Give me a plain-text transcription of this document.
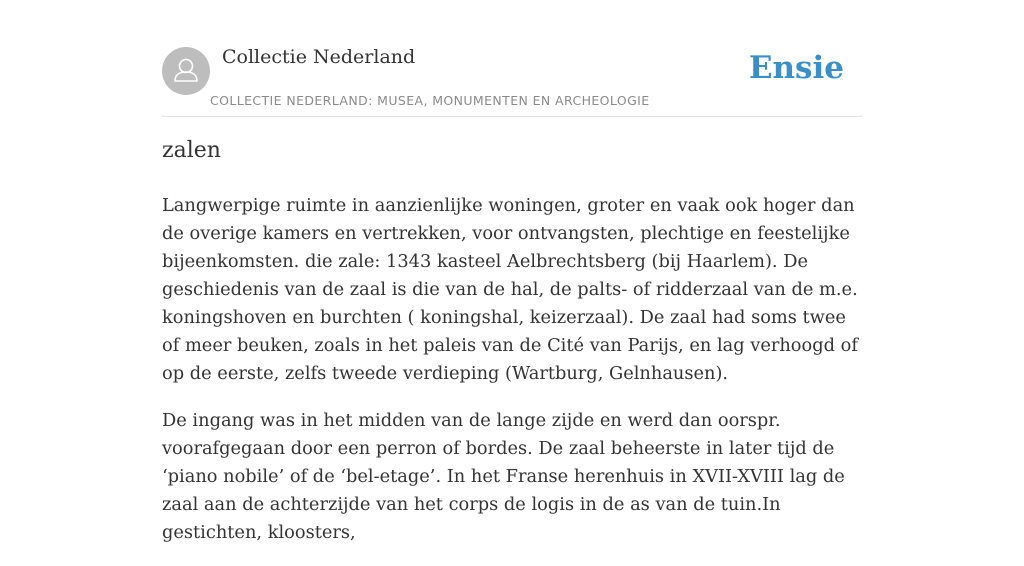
Collectie Nederland
COLLECTIE NEDERLAND: MUSEA, MONUMENTEN EN ARCHEOLOGIE
Ensie
zalen

Langwerpige ruimte in aanzienlijke woningen, groter en vaak ook hoger dan de overige kamers en vertrekken, voor ontvangsten, plechtige en feestelijke bijeenkomsten. die zale: 1343 kasteel Aelbrechtsberg (bij Haarlem). De geschiedenis van de zaal is die van de hal, de palts- of ridderzaal van de m.e. koningshoven en burchten ( koningshal, keizerzaal). De zaal had soms twee of meer beuken, zoals in het paleis van de Cité van Parijs, en lag verhoogd of op de eerste, zelfs tweede verdieping (Wartburg, Gelnhausen).

De ingang was in het midden van de lange zijde en werd dan oorspr. voorafgegaan door een perron of bordes. De zaal beheerste in later tijd de ‘piano nobile’ of de ‘bel-etage’. In het Franse herenhuis in XVII-XVIII lag de zaal aan de achterzijde van het corps de logis in de as van de tuin.In gestichten, kloosters,
